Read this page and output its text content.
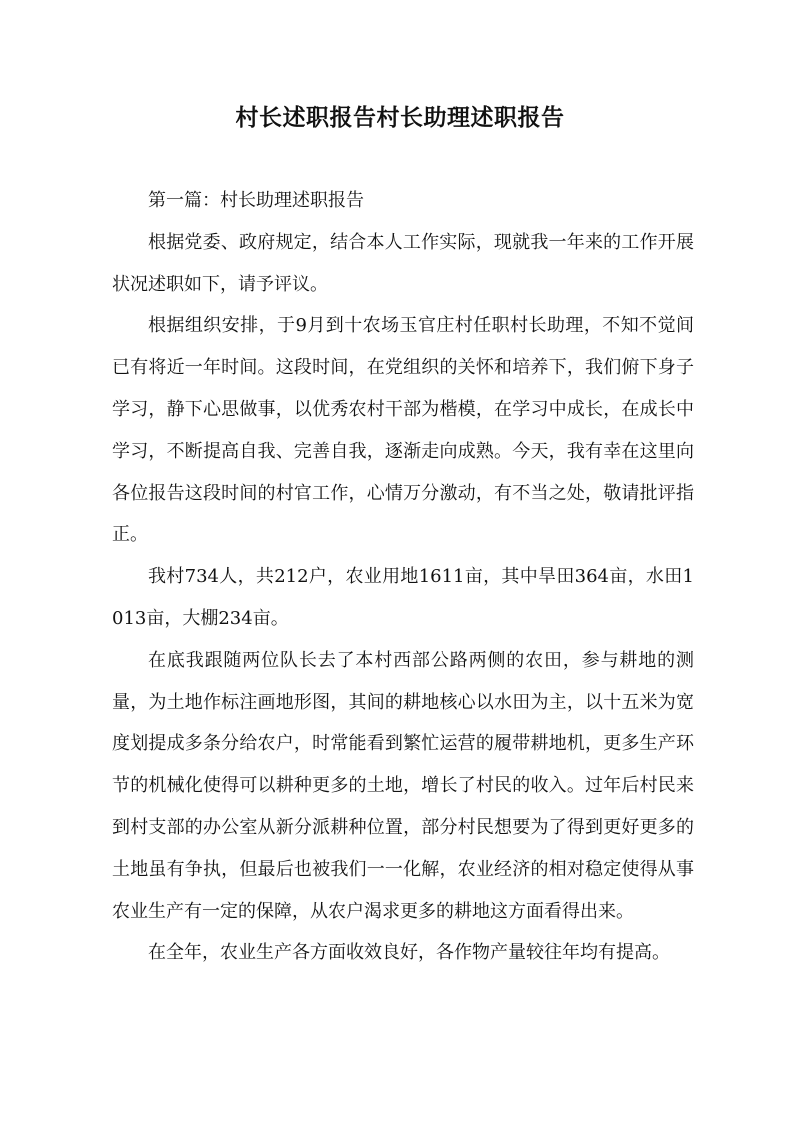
村长述职报告村长助理述职报告

第一篇：村长助理述职报告

根据党委、政府规定，结合本人工作实际，现就我一年来的工作开展状况述职如下，请予评议。

根据组织安排，于9月到十农场玉官庄村任职村长助理，不知不觉间已有将近一年时间。这段时间，在党组织的关怀和培养下，我们俯下身子学习，静下心思做事，以优秀农村干部为楷模，在学习中成长，在成长中学习，不断提高自我、完善自我，逐渐走向成熟。今天，我有幸在这里向各位报告这段时间的村官工作，心情万分激动，有不当之处，敬请批评指正。

我村734人，共212户，农业用地1611亩，其中旱田364亩，水田1013亩，大棚234亩。

在底我跟随两位队长去了本村西部公路两侧的农田，参与耕地的测量，为土地作标注画地形图，其间的耕地核心以水田为主，以十五米为宽度划提成多条分给农户，时常能看到繁忙运营的履带耕地机，更多生产环节的机械化使得可以耕种更多的土地，增长了村民的收入。过年后村民来到村支部的办公室从新分派耕种位置，部分村民想要为了得到更好更多的土地虽有争执，但最后也被我们一一化解，农业经济的相对稳定使得从事农业生产有一定的保障，从农户渴求更多的耕地这方面看得出来。

在全年，农业生产各方面收效良好，各作物产量较往年均有提高。
